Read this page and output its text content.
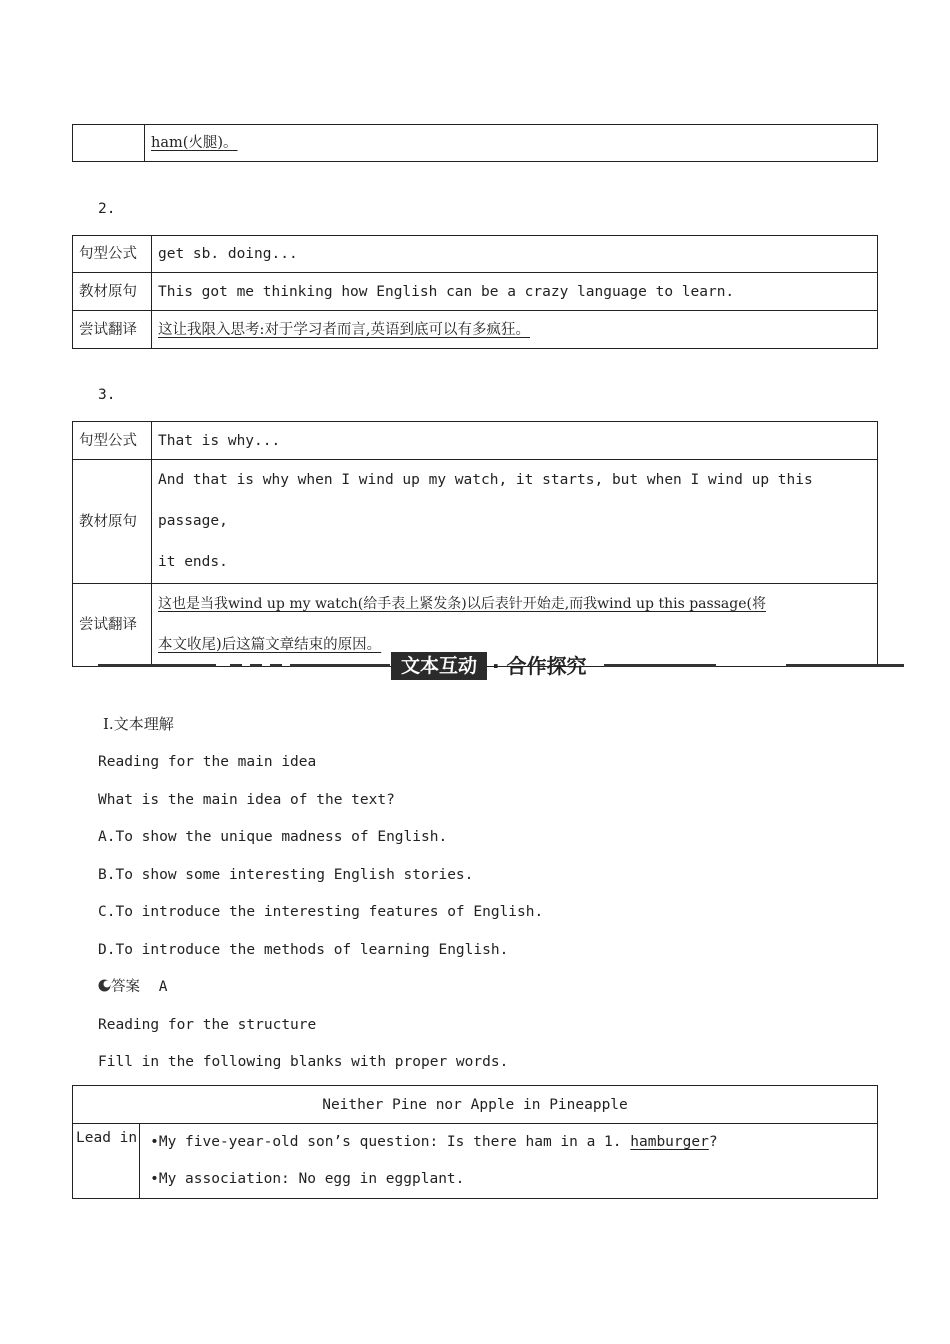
	ham(火腿)。
2.
句型公式	get sb. doing...
教材原句	This got me thinking how English can be a crazy language to learn.
尝试翻译	这让我限入思考:对于学习者而言,英语到底可以有多疯狂。
3.
句型公式	That is why...
教材原句	And that is why when I wind up my watch, it starts, but when I wind up this passage,
it ends.

尝试翻译	这也是当我wind up my watch(给手表上紧发条)以后表针开始走,而我wind up this passage(将
本文收尾)后这篇文章结束的原因。
文本互动 · 合作探究
Ⅰ.文本理解
Reading for the main idea
What is the main idea of the text?
A.To show the unique madness of English.
B.To show some interesting English stories.
C.To introduce the interesting features of English.
D.To introduce the methods of learning English.
答案 A
Reading for the structure
Fill in the following blanks with proper words.
Neither Pine nor Apple in Pineapple
Lead in	•My five-year-old son’s question: Is there ham in a 1. hamburger?
•My association: No egg in eggplant.
